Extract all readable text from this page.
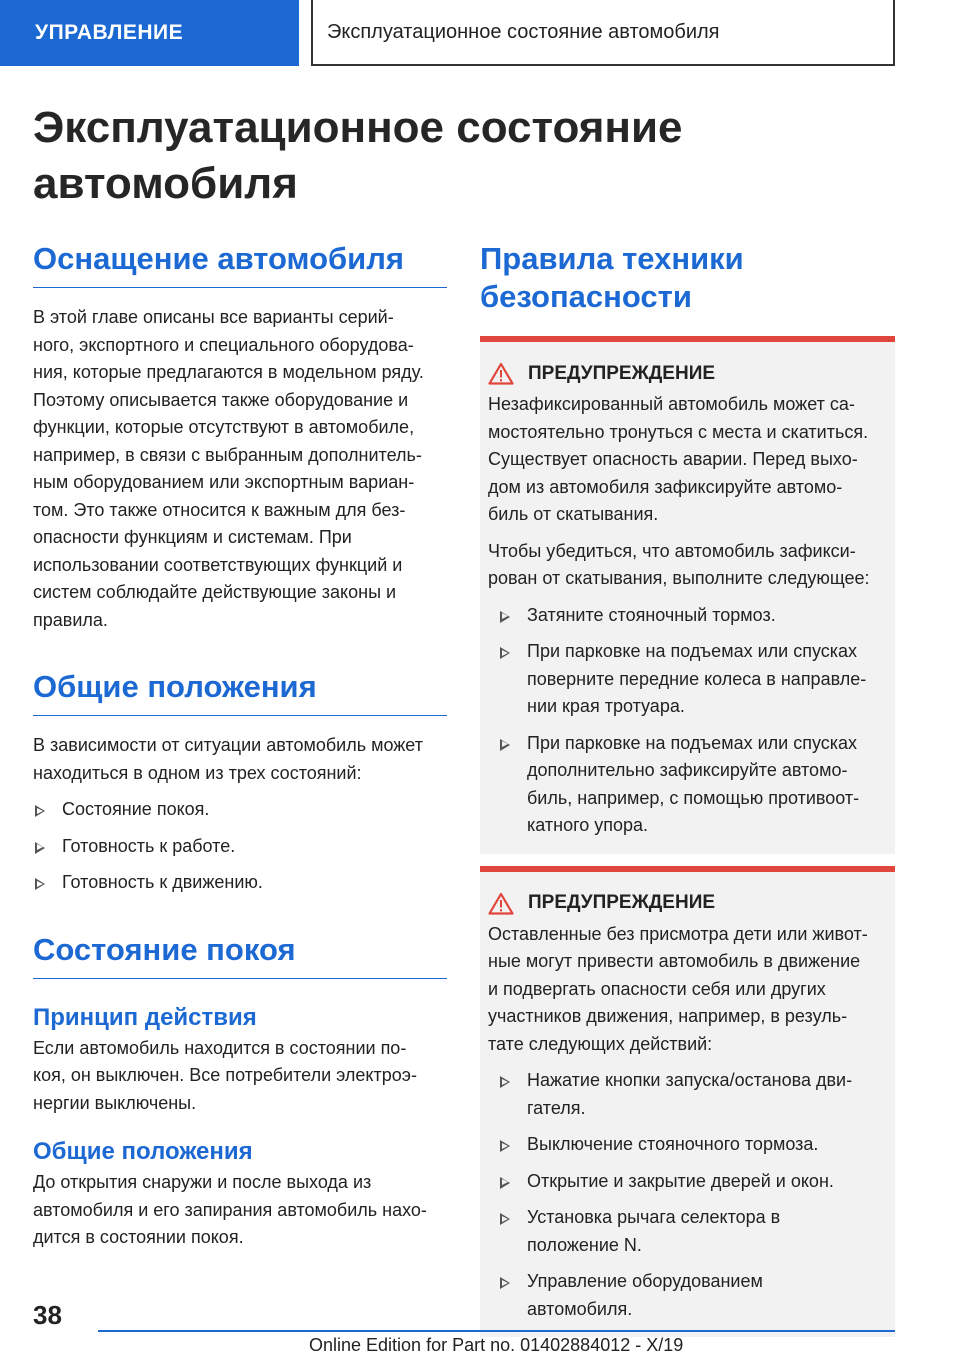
УПРАВЛЕНИЕ	Эксплуатационное состояние автомобиля
Эксплуатационное состояние
автомобиля
Оснащение автомобиля

В этой главе описаны все варианты серий-
ного, экспортного и специального оборудова-
ния, которые предлагаются в модельном ряду.
Поэтому описывается также оборудование и
функции, которые отсутствуют в автомобиле,
например, в связи с выбранным дополнитель-
ным оборудованием или экспортным вариан-
том. Это также относится к важным для без-
опасности функциям и системам. При
использовании соответствующих функций и
систем соблюдайте действующие законы и
правила.

Общие положения

В зависимости от ситуации автомобиль может
находиться в одном из трех состояний:

Состояние покоя.
Готовность к работе.
Готовность к движению.
Состояние покоя
Принцип действия

Если автомобиль находится в состоянии по-
коя, он выключен. Все потребители электроэ-
нергии выключены.

Общие положения

До открытия снаружи и после выхода из
автомобиля и его запирания автомобиль нахо-
дится в состоянии покоя.

Правила техники безопасности
ПРЕДУПРЕЖДЕНИЕ

Незафиксированный автомобиль может са-
мостоятельно тронуться с места и скатиться.
Существует опасность аварии. Перед выхо-
дом из автомобиля зафиксируйте автомо-
биль от скатывания.

Чтобы убедиться, что автомобиль зафикси-
рован от скатывания, выполните следующее:

Затяните стояночный тормоз.
При парковке на подъемах или спусках
поверните передние колеса в направле-
нии края тротуара.
При парковке на подъемах или спусках
дополнительно зафиксируйте автомо-
биль, например, с помощью противоот-
катного упора.
ПРЕДУПРЕЖДЕНИЕ

Оставленные без присмотра дети или живот-
ные могут привести автомобиль в движение
и подвергать опасности себя или других
участников движения, например, в резуль-
тате следующих действий:

Нажатие кнопки запуска/останова дви-
гателя.
Выключение стояночного тормоза.
Открытие и закрытие дверей и окон.
Установка рычага селектора в
положение N.
Управление оборудованием
автомобиля.
38
Online Edition for Part no. 01402884012 - X/19
